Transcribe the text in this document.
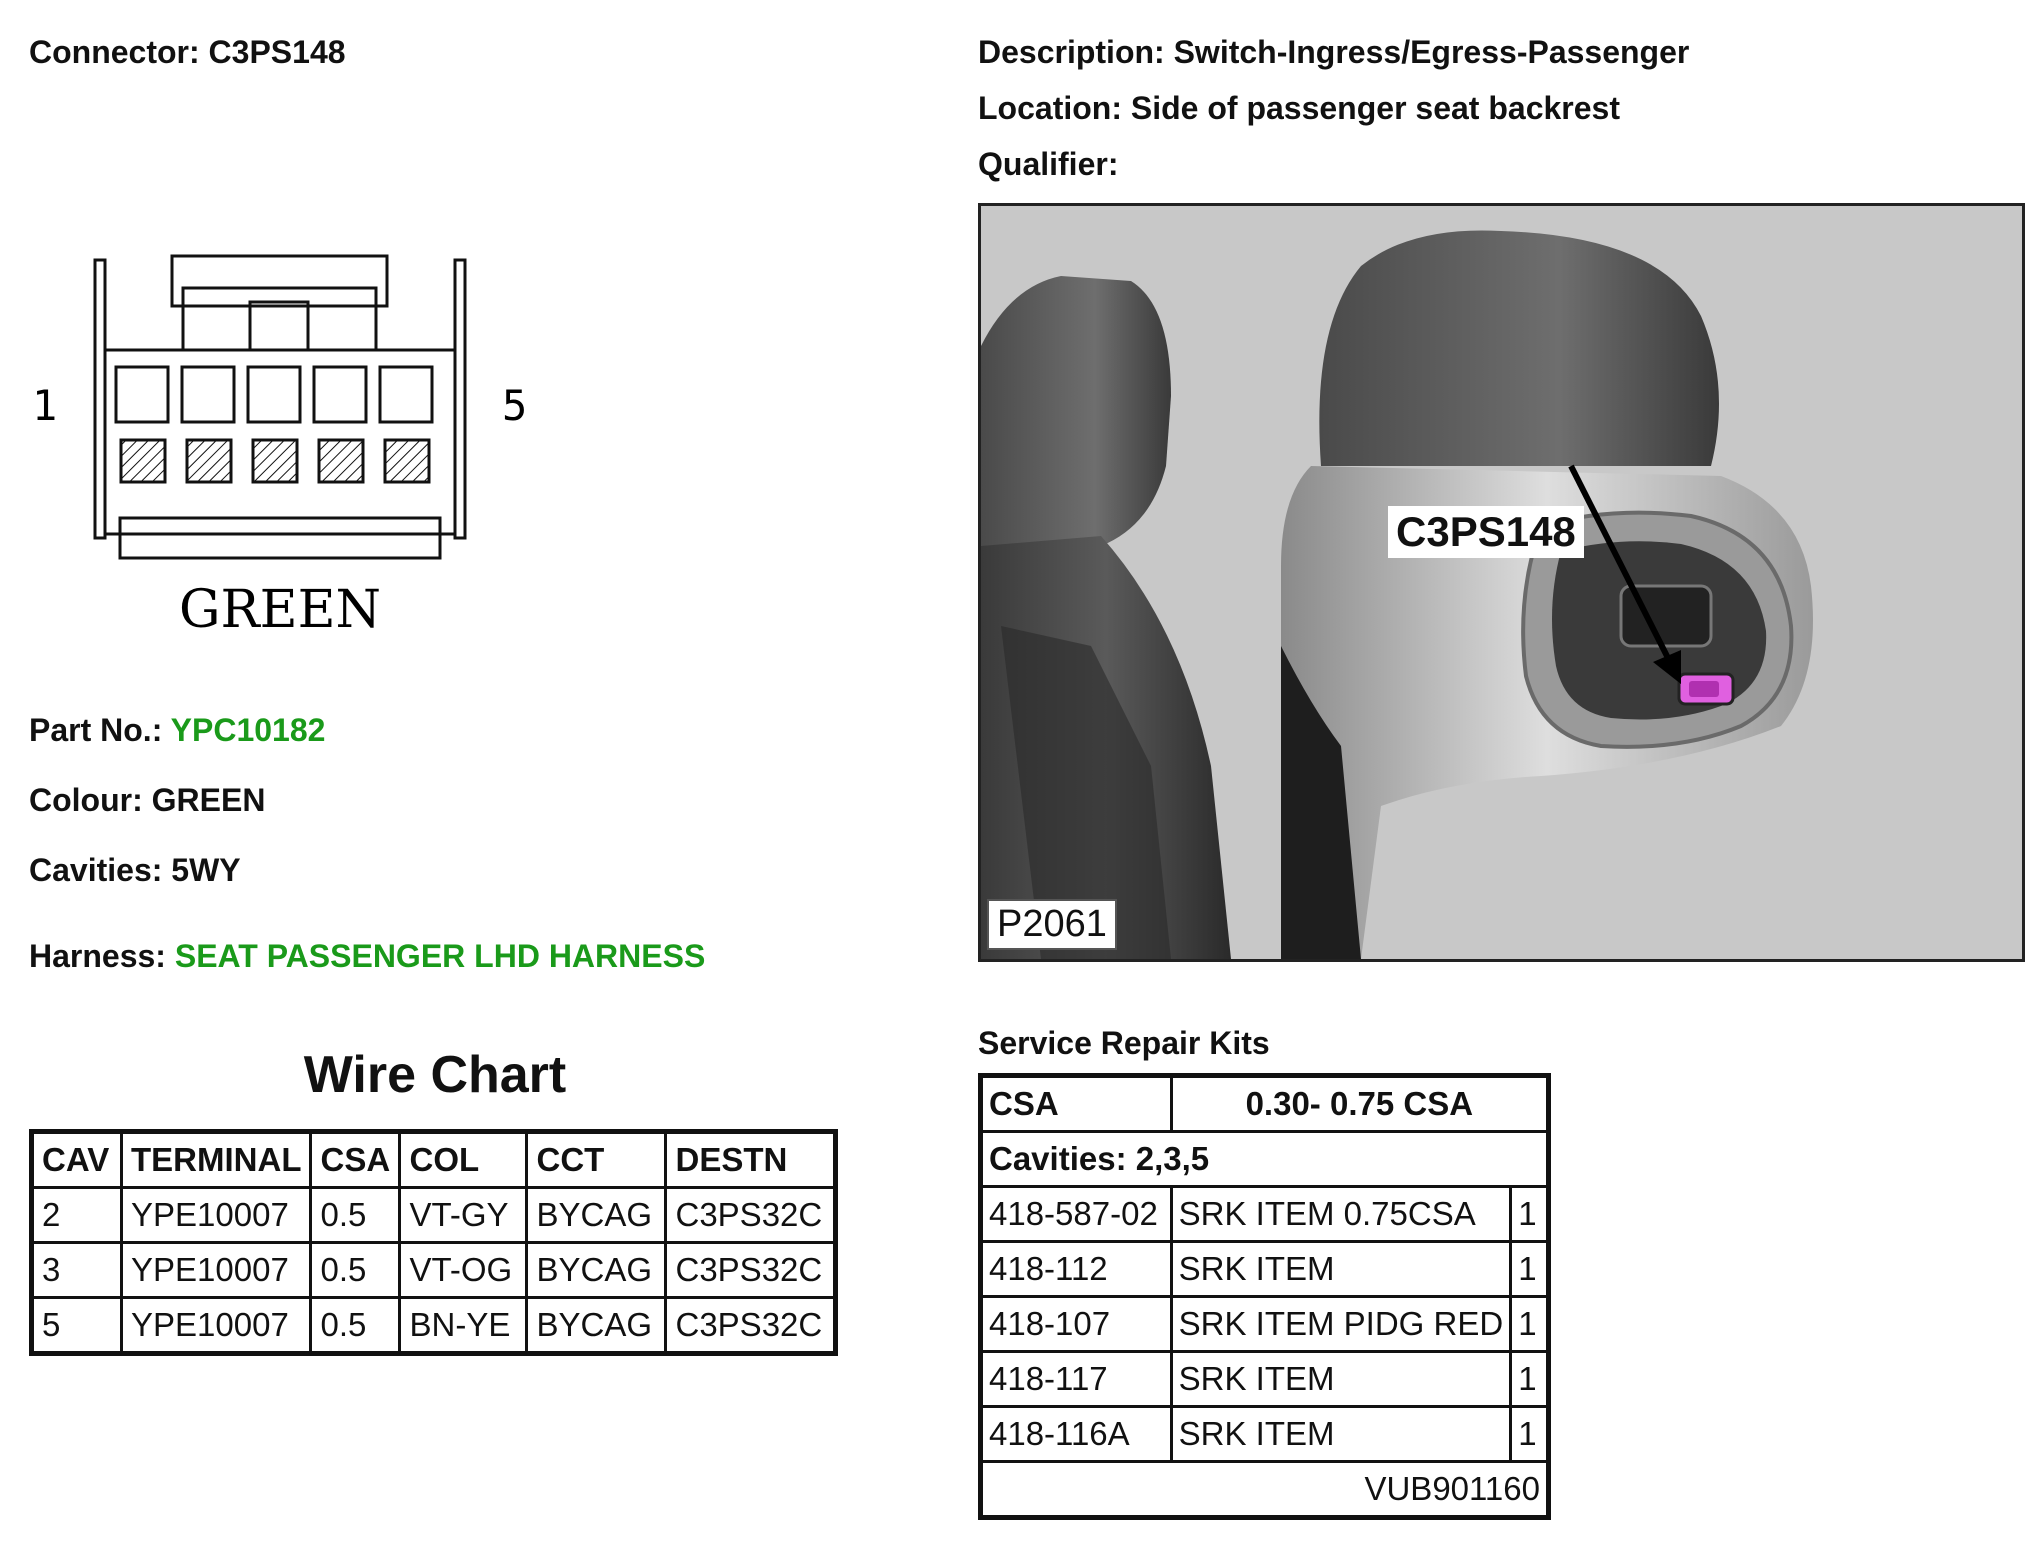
Connector: C3PS148	Description: Switch-Ingress/Egress-Passenger
Location: Side of passenger seat backrest
Qualifier:
1	5
GREEN
Part No.: YPC10182
Colour: GREEN
Cavities: 5WY
Harness: SEAT PASSENGER LHD HARNESS
Wire Chart
CAV	TERMINAL	CSA	COL	CCT	DESTN
2	YPE10007	0.5	VT-GY	BYCAG	C3PS32C
3	YPE10007	0.5	VT-OG	BYCAG	C3PS32C
5	YPE10007	0.5	BN-YE	BYCAG	C3PS32C
C3PS148
P2061
Service Repair Kits
CSA	0.30- 0.75 CSA	
Cavities: 2,3,5		
418-587-02	SRK ITEM 0.75CSA	1
418-112	SRK ITEM	1
418-107	SRK ITEM PIDG RED	1
418-117	SRK ITEM	1
418-116A	SRK ITEM	1
VUB901160		
